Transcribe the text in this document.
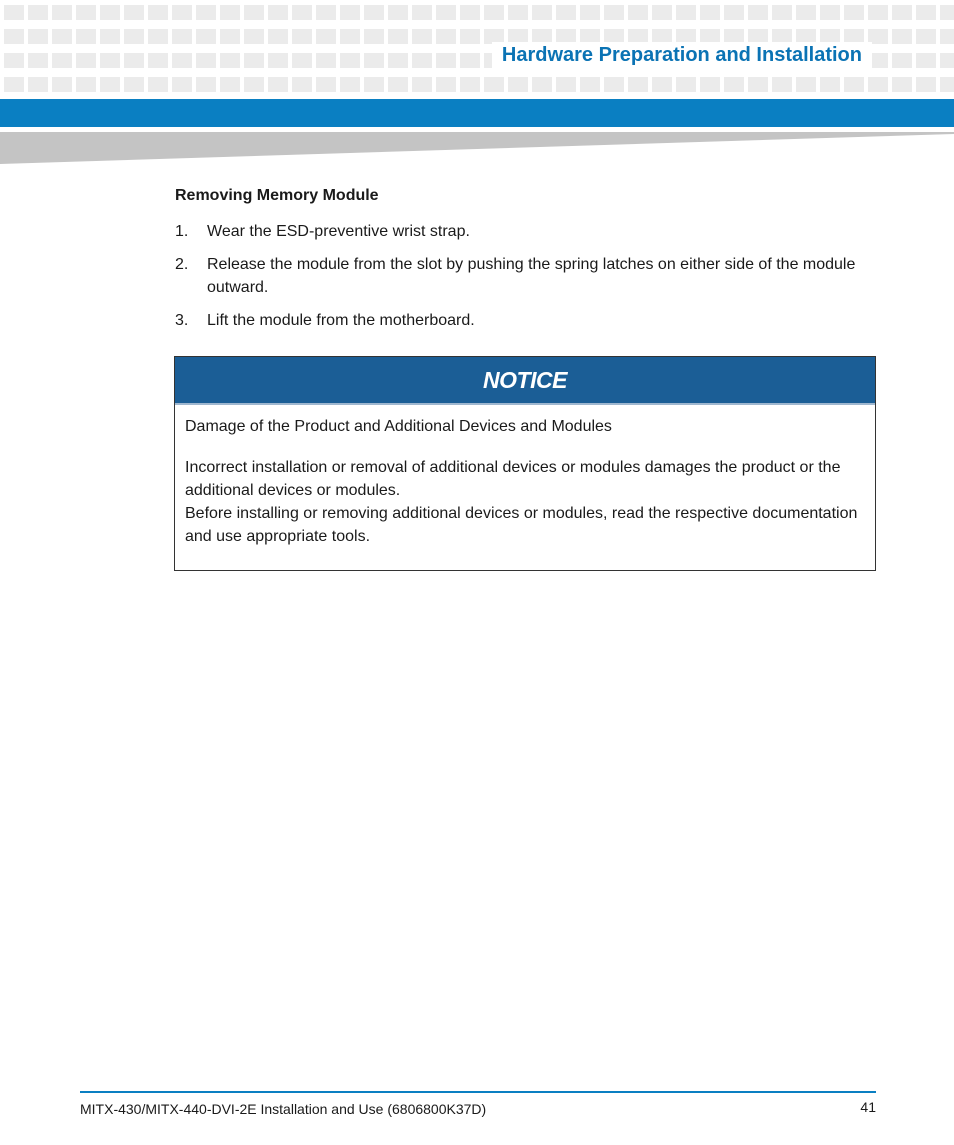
Hardware Preparation and Installation
Removing Memory Module
1.	Wear the ESD-preventive wrist strap.
2.	Release the module from the slot by pushing the spring latches on either side of the module outward.
3.	Lift the module from the motherboard.
NOTICE

Damage of the Product and Additional Devices and Modules

Incorrect installation or removal of additional devices or modules damages the product or the additional devices or modules.

Before installing or removing additional devices or modules, read the respective documentation and use appropriate tools.

MITX-430/MITX-440-DVI-2E Installation and Use (6806800K37D)	41
